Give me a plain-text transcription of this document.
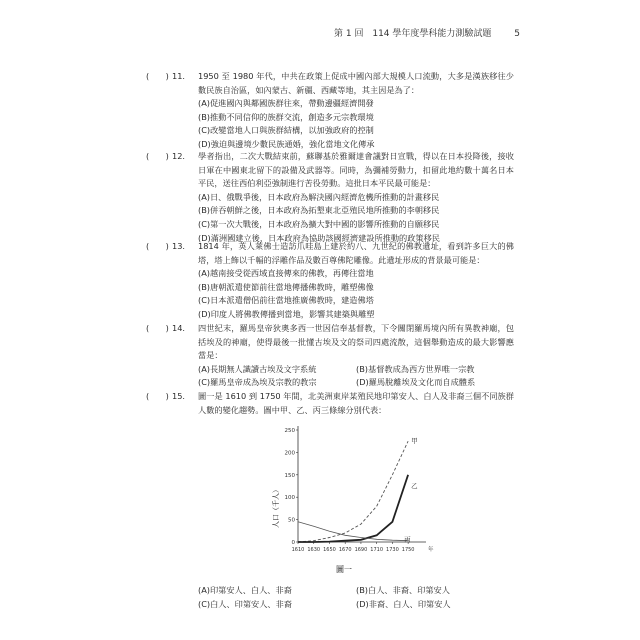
第 1 回 114 學年度學科能力測驗試題	5
(　　) 11. 1950 至 1980 年代，中共在政策上促成中國內部大規模人口流動，大多是漢族移往少數民族自治區，如內蒙古、新疆、西藏等地，其主因是為了：
(A)促進國內與鄰國族群往來，帶動邊疆經濟開發
(B)推動不同信仰的族群交流，創造多元宗教環境
(C)改變當地人口與族群結構，以加強政府的控制
(D)強迫與邊境少數民族通婚，強化當地文化傳承
(　　) 12. 學者指出，二次大戰結束前，蘇聯基於雅爾達會議對日宣戰，得以在日本投降後，接收日軍在中國東北留下的設備及武器等。同時，為彌補勞動力，扣留此地約數十萬名日本平民，送往西伯利亞強制進行苦役勞動。這批日本平民最可能是：
(A)日、俄戰爭後，日本政府為解決國內經濟危機所推動的計畫移民
(B)併吞朝鮮之後，日本政府為拓墾東北亞殖民地所推動的李朝移民
(C)第一次大戰後，日本政府為擴大對中國的影響所推動的自願移民
(D)滿洲國建立後，日本政府為協助該國經濟建設所推動的政策移民
(　　) 13. 1814 年，英人萊佛士造訪爪哇島上建於約八、九世紀的佛教遺址，看到許多巨大的佛塔，塔上飾以千幅的浮雕作品及數百尊佛陀雕像。此遺址形成的背景最可能是：
(A)越南接受從西域直接傳來的佛教，再傳往當地
(B)唐朝派遣使節前往當地傳播佛教時，雕塑佛像
(C)日本派遣僧侶前往當地推廣佛教時，建造佛塔
(D)印度人將佛教傳播到當地，影響其建築與雕塑
(　　) 14. 四世紀末，羅馬皇帝狄奧多西一世因信奉基督教，下令關閉羅馬境內所有異教神廟，包括埃及的神廟，使得最後一批懂古埃及文的祭司四處流散，這個舉動造成的最大影響應當是：
(A)長期無人識讀古埃及文字系統	(B)基督教成為西方世界唯一宗教
(C)羅馬皇帝成為埃及宗教的教宗	(D)羅馬脫離埃及文化而自成體系
(　　) 15. 圖一是 1610 到 1750 年間，北美洲東岸某殖民地印第安人、白人及非裔三個不同族群人數的變化趨勢。圖中甲、乙、丙三條線分別代表：
0
50
100
150
200
250
1610 1630 1650 1670 1690 1710 1730 1750 年
甲
乙
丙
人口（千人）
圖一
(A)印第安人、白人、非裔	(B)白人、非裔、印第安人
(C)白人、印第安人、非裔	(D)非裔、白人、印第安人
